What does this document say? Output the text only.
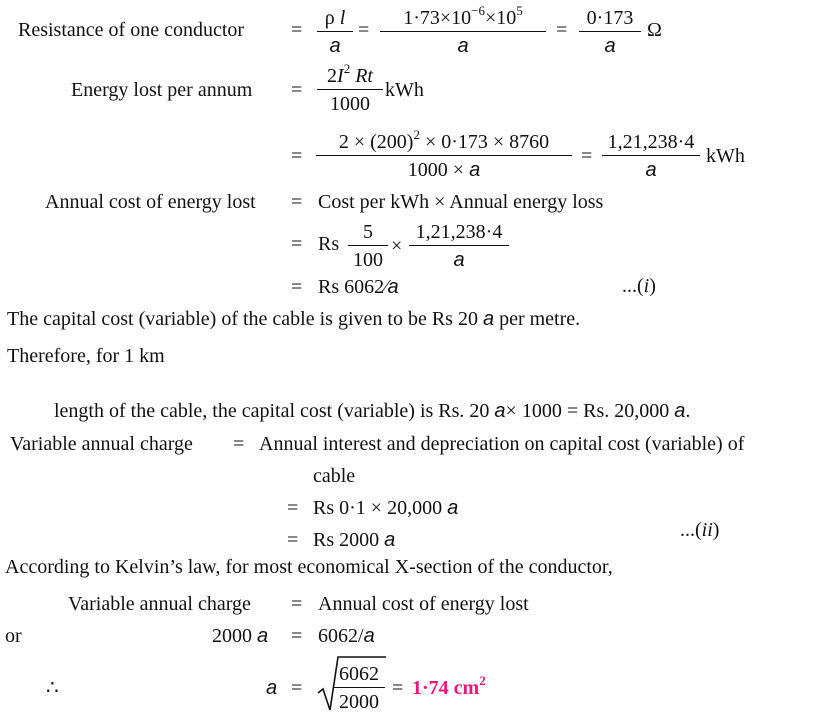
Resistance of one conductor = $\frac{\text{ρ l}}{a} = \frac{1\cdot 73\times 10^{-6}\times 10^5}{a} = \frac{0\cdot 173}{a}$ Ω
Energy lost per annum = $\frac{2I^2 Rt}{1000}$ kWh
= $\frac{2 \times (200)^2 \times 0\cdot 173 \times 8760}{1000 \times a} = \frac{1,21,238\cdot 4}{a}$ kWh
Annual cost of energy lost = Cost per kWh × Annual energy loss
= Rs $\frac{5}{100} \times \frac{1,21,238\cdot 4}{a}$
= Rs 6062⁄a	...(i)
The capital cost (variable) of the cable is given to be Rs 20 a per metre.
Therefore, for 1 km
length of the cable, the capital cost (variable) is Rs. 20 a× 1000 = Rs. 20,000 a.
Variable annual charge = Annual interest and depreciation on capital cost (variable) of
cable
= Rs 0·1 × 20,000 a
= Rs 2000 a	...(ii)
According to Kelvin’s law, for most economical X-section of the conductor,
Variable annual charge = Annual cost of energy lost
or	2000 a = 6062/a
∴	$a = \frac{6062}{2000} = 1\cdot 74$ $cm^2$
